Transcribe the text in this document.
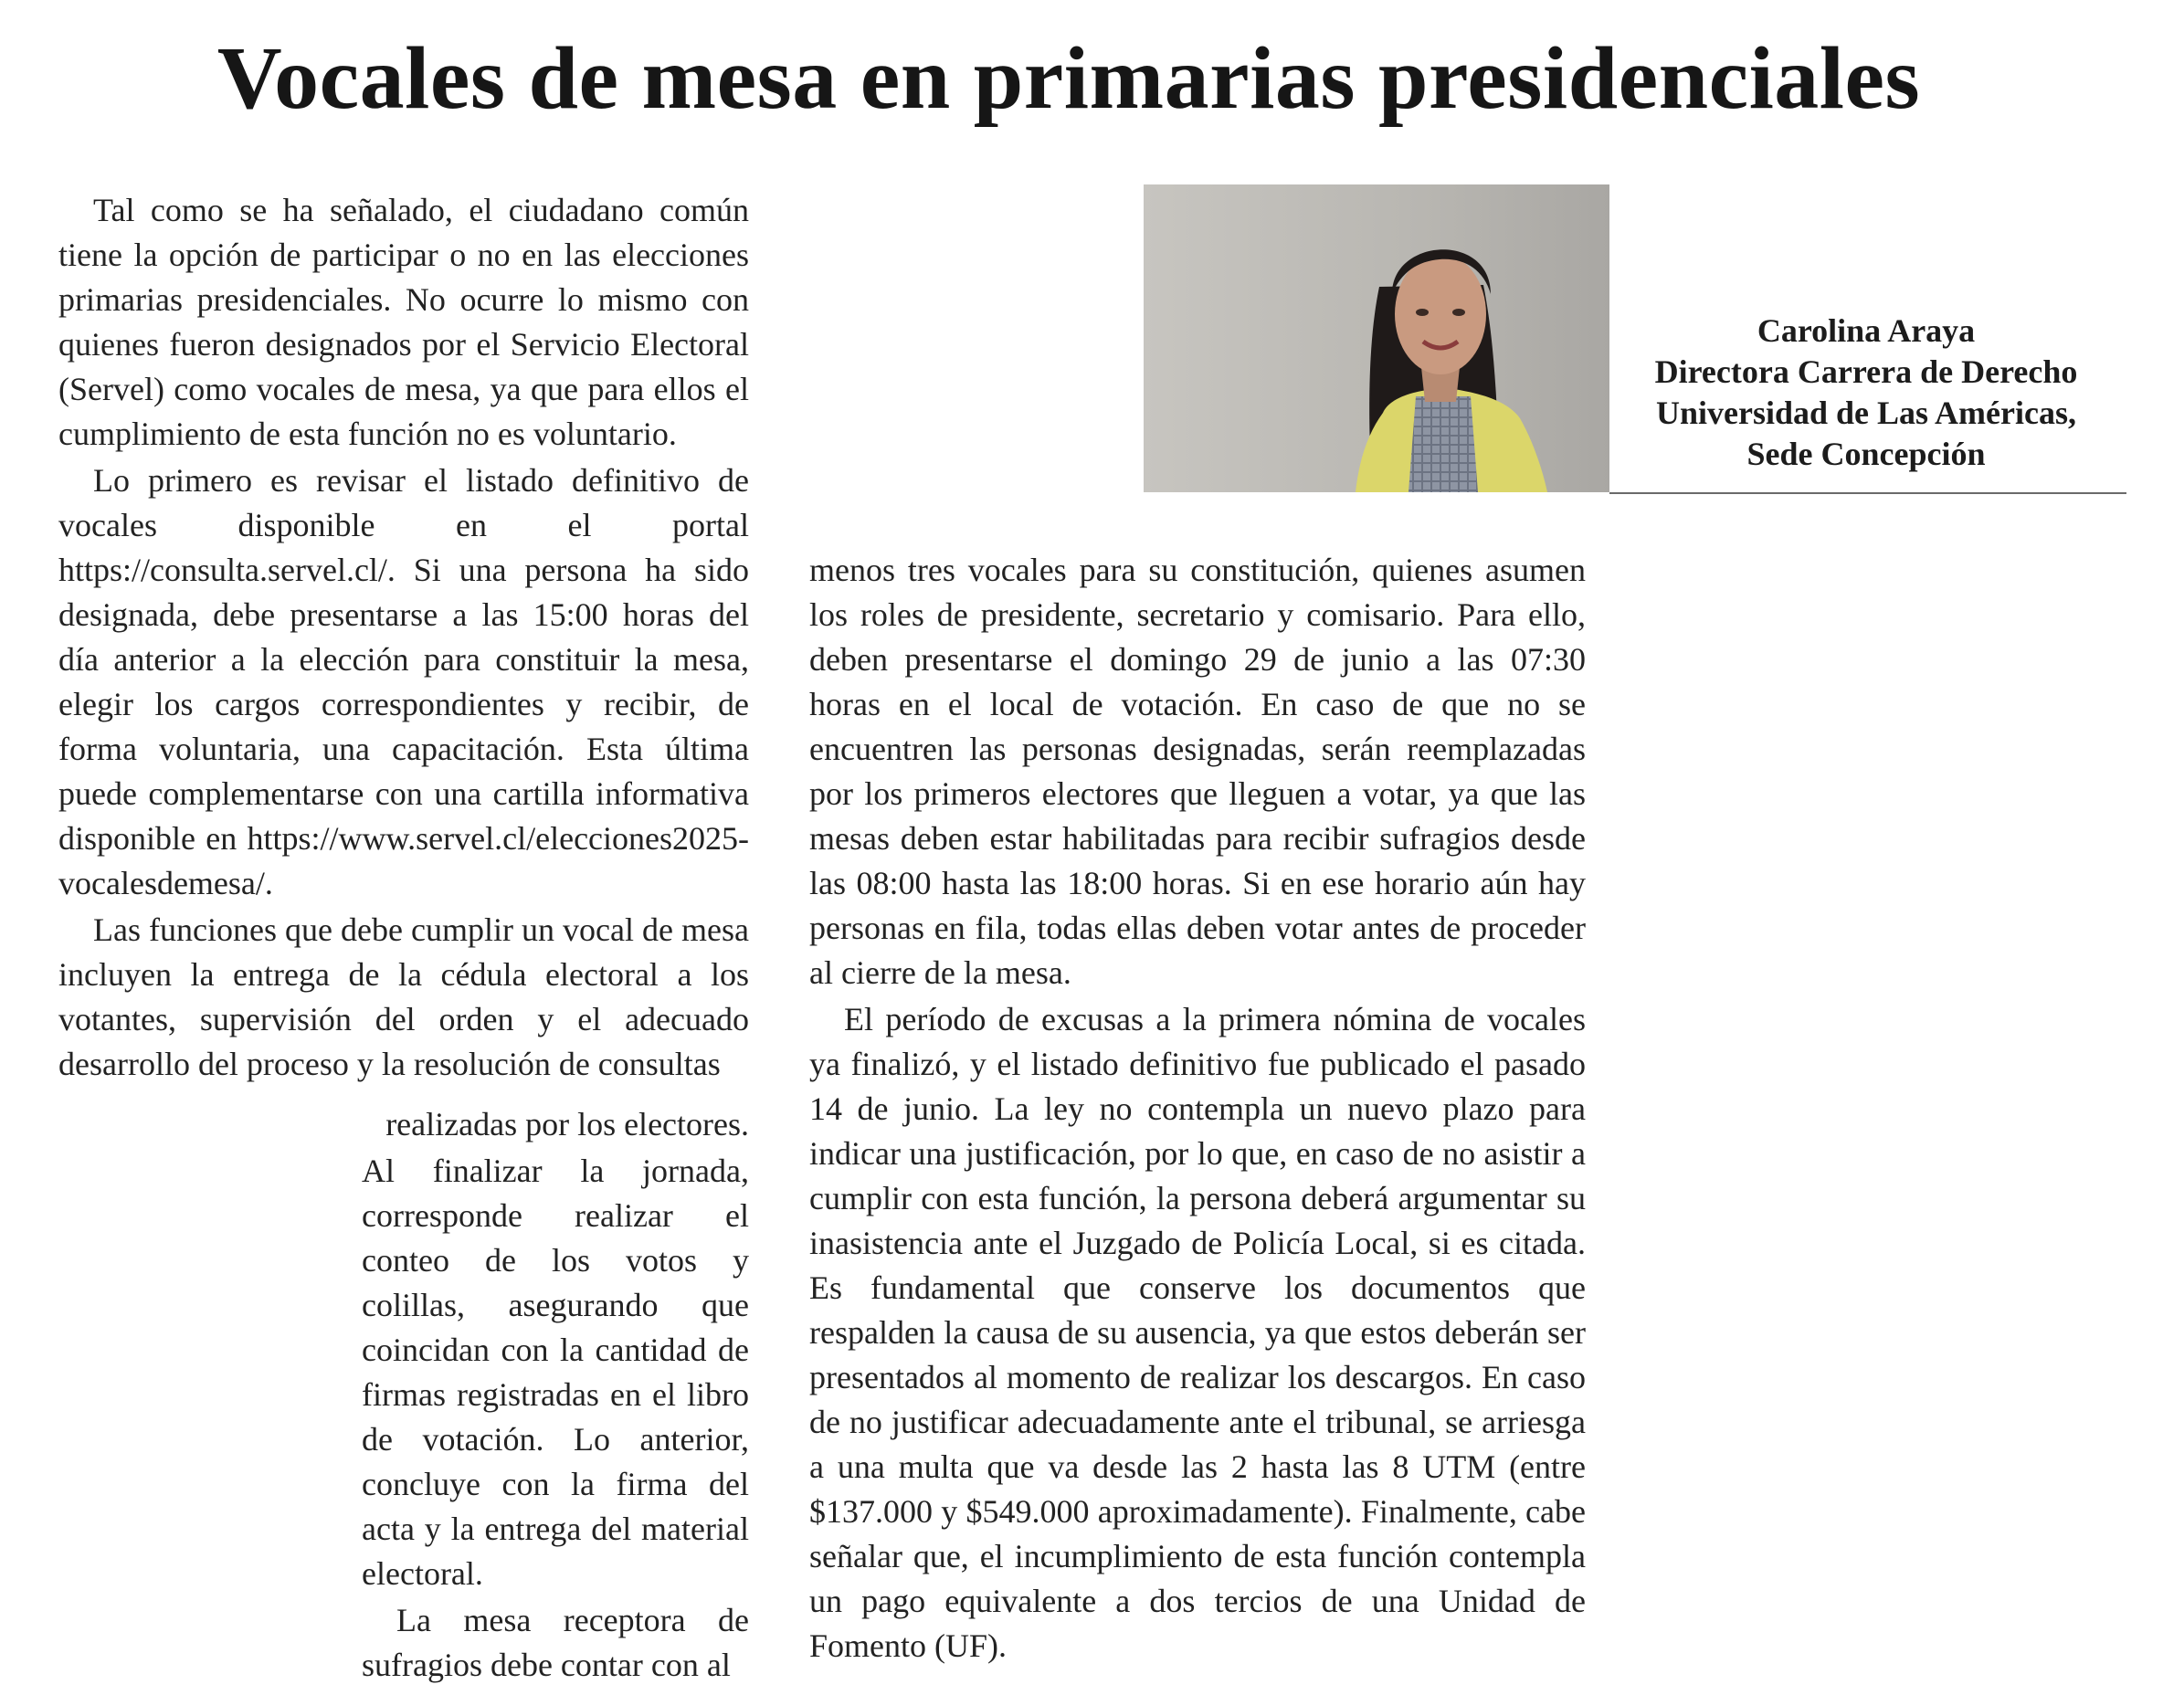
Vocales de mesa en primarias presidenciales

Tal como se ha señalado, el ciudadano común tiene la opción de participar o no en las elecciones primarias presidenciales. No ocurre lo mismo con quienes fueron designados por el Servicio Electoral (Servel) como vocales de mesa, ya que para ellos el cumplimiento de esta función no es voluntario.

Lo primero es revisar el listado definitivo de vocales disponible en el portal https://consulta.servel.cl/. Si una persona ha sido designada, debe presentarse a las 15:00 horas del día anterior a la elección para constituir la mesa, elegir los cargos correspondientes y recibir, de forma voluntaria, una capacitación. Esta última puede complementarse con una cartilla informativa disponible en https://www.servel.cl/elecciones2025-vocalesdemesa/.

Las funciones que debe cumplir un vocal de mesa incluyen la entrega de la cédula electoral a los votantes, supervisión del orden y el adecuado desarrollo del proceso y la resolución de consultas

realizadas por los electores.

Al finalizar la jornada, corresponde realizar el conteo de los votos y colillas, asegurando que coincidan con la cantidad de firmas registradas en el libro de votación. Lo anterior, concluye con la firma del acta y la entrega del material electoral.

La mesa receptora de sufragios debe contar con al

menos tres vocales para su constitución, quienes asumen los roles de presidente, secretario y comisario. Para ello, deben presentarse el domingo 29 de junio a las 07:30 horas en el local de votación. En caso de que no se encuentren las personas designadas, serán reemplazadas por los primeros electores que lleguen a votar, ya que las mesas deben estar habilitadas para recibir sufragios desde las 08:00 hasta las 18:00 horas. Si en ese horario aún hay personas en fila, todas ellas deben votar antes de proceder al cierre de la mesa.

El período de excusas a la primera nómina de vocales ya finalizó, y el listado definitivo fue publicado el pasado 14 de junio. La ley no contempla un nuevo plazo para indicar una justificación, por lo que, en caso de no asistir a cumplir con esta función, la persona deberá argumentar su inasistencia ante el Juzgado de Policía Local, si es citada. Es fundamental que conserve los documentos que respalden la causa de su ausencia, ya que estos deberán ser presentados al momento de realizar los descargos. En caso de no justificar adecuadamente ante el tribunal, se arriesga a una multa que va desde las 2 hasta las 8 UTM (entre $137.000 y $549.000 aproximadamente). Finalmente, cabe señalar que, el incumplimiento de esta función contempla un pago equivalente a dos tercios de una Unidad de Fomento (UF).

Carolina Araya
Directora Carrera de Derecho
Universidad de Las Américas,
Sede Concepción
